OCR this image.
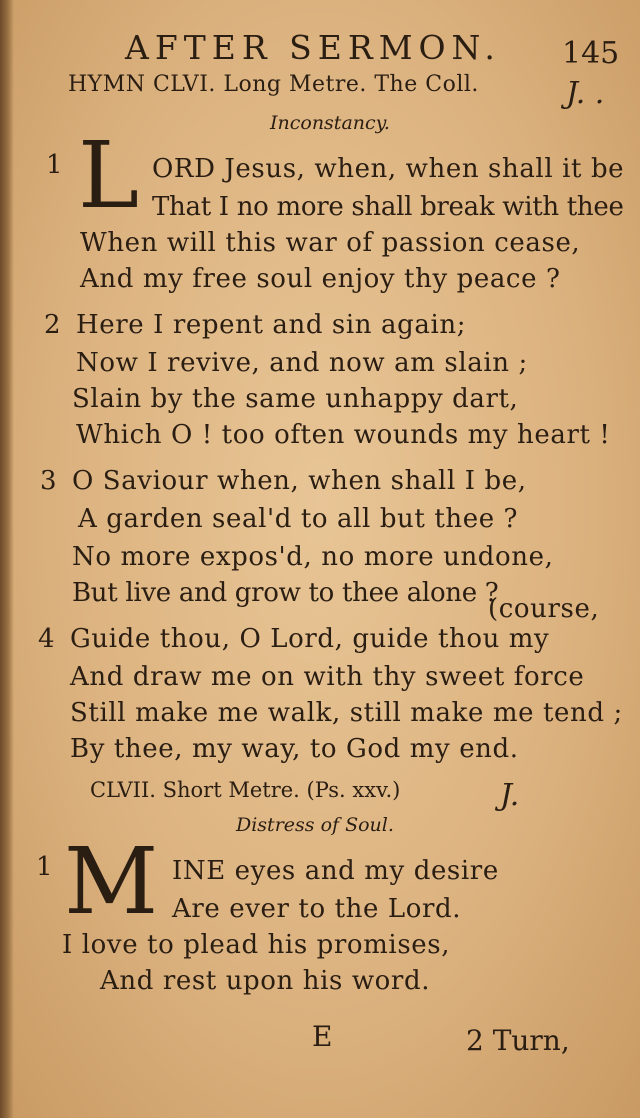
AFTER SERMON. 145
HYMN CLVI. Long Metre. The Coll.	J. .
Inconstancy.
1 L ORD Jesus, when, when shall it be
That I no more shall break with thee
When will this war of passion cease,
And my free soul enjoy thy peace ?
2 Here I repent and sin again;
Now I revive, and now am slain ;
Slain by the same unhappy dart,
Which O ! too often wounds my heart !
3 O Saviour when, when shall I be,
A garden seal'd to all but thee ?
No more expos'd, no more undone,
But live and grow to thee alone ?
(course,
4 Guide thou, O Lord, guide thou my
And draw me on with thy sweet force
Still make me walk, still make me tend ;
By thee, my way, to God my end.
CLVII. Short Metre. (Ps. xxv.)	J.
Distress of Soul.
1 M INE eyes and my desire
Are ever to the Lord.
I love to plead his promises,
And rest upon his word.
E	2 Turn,
